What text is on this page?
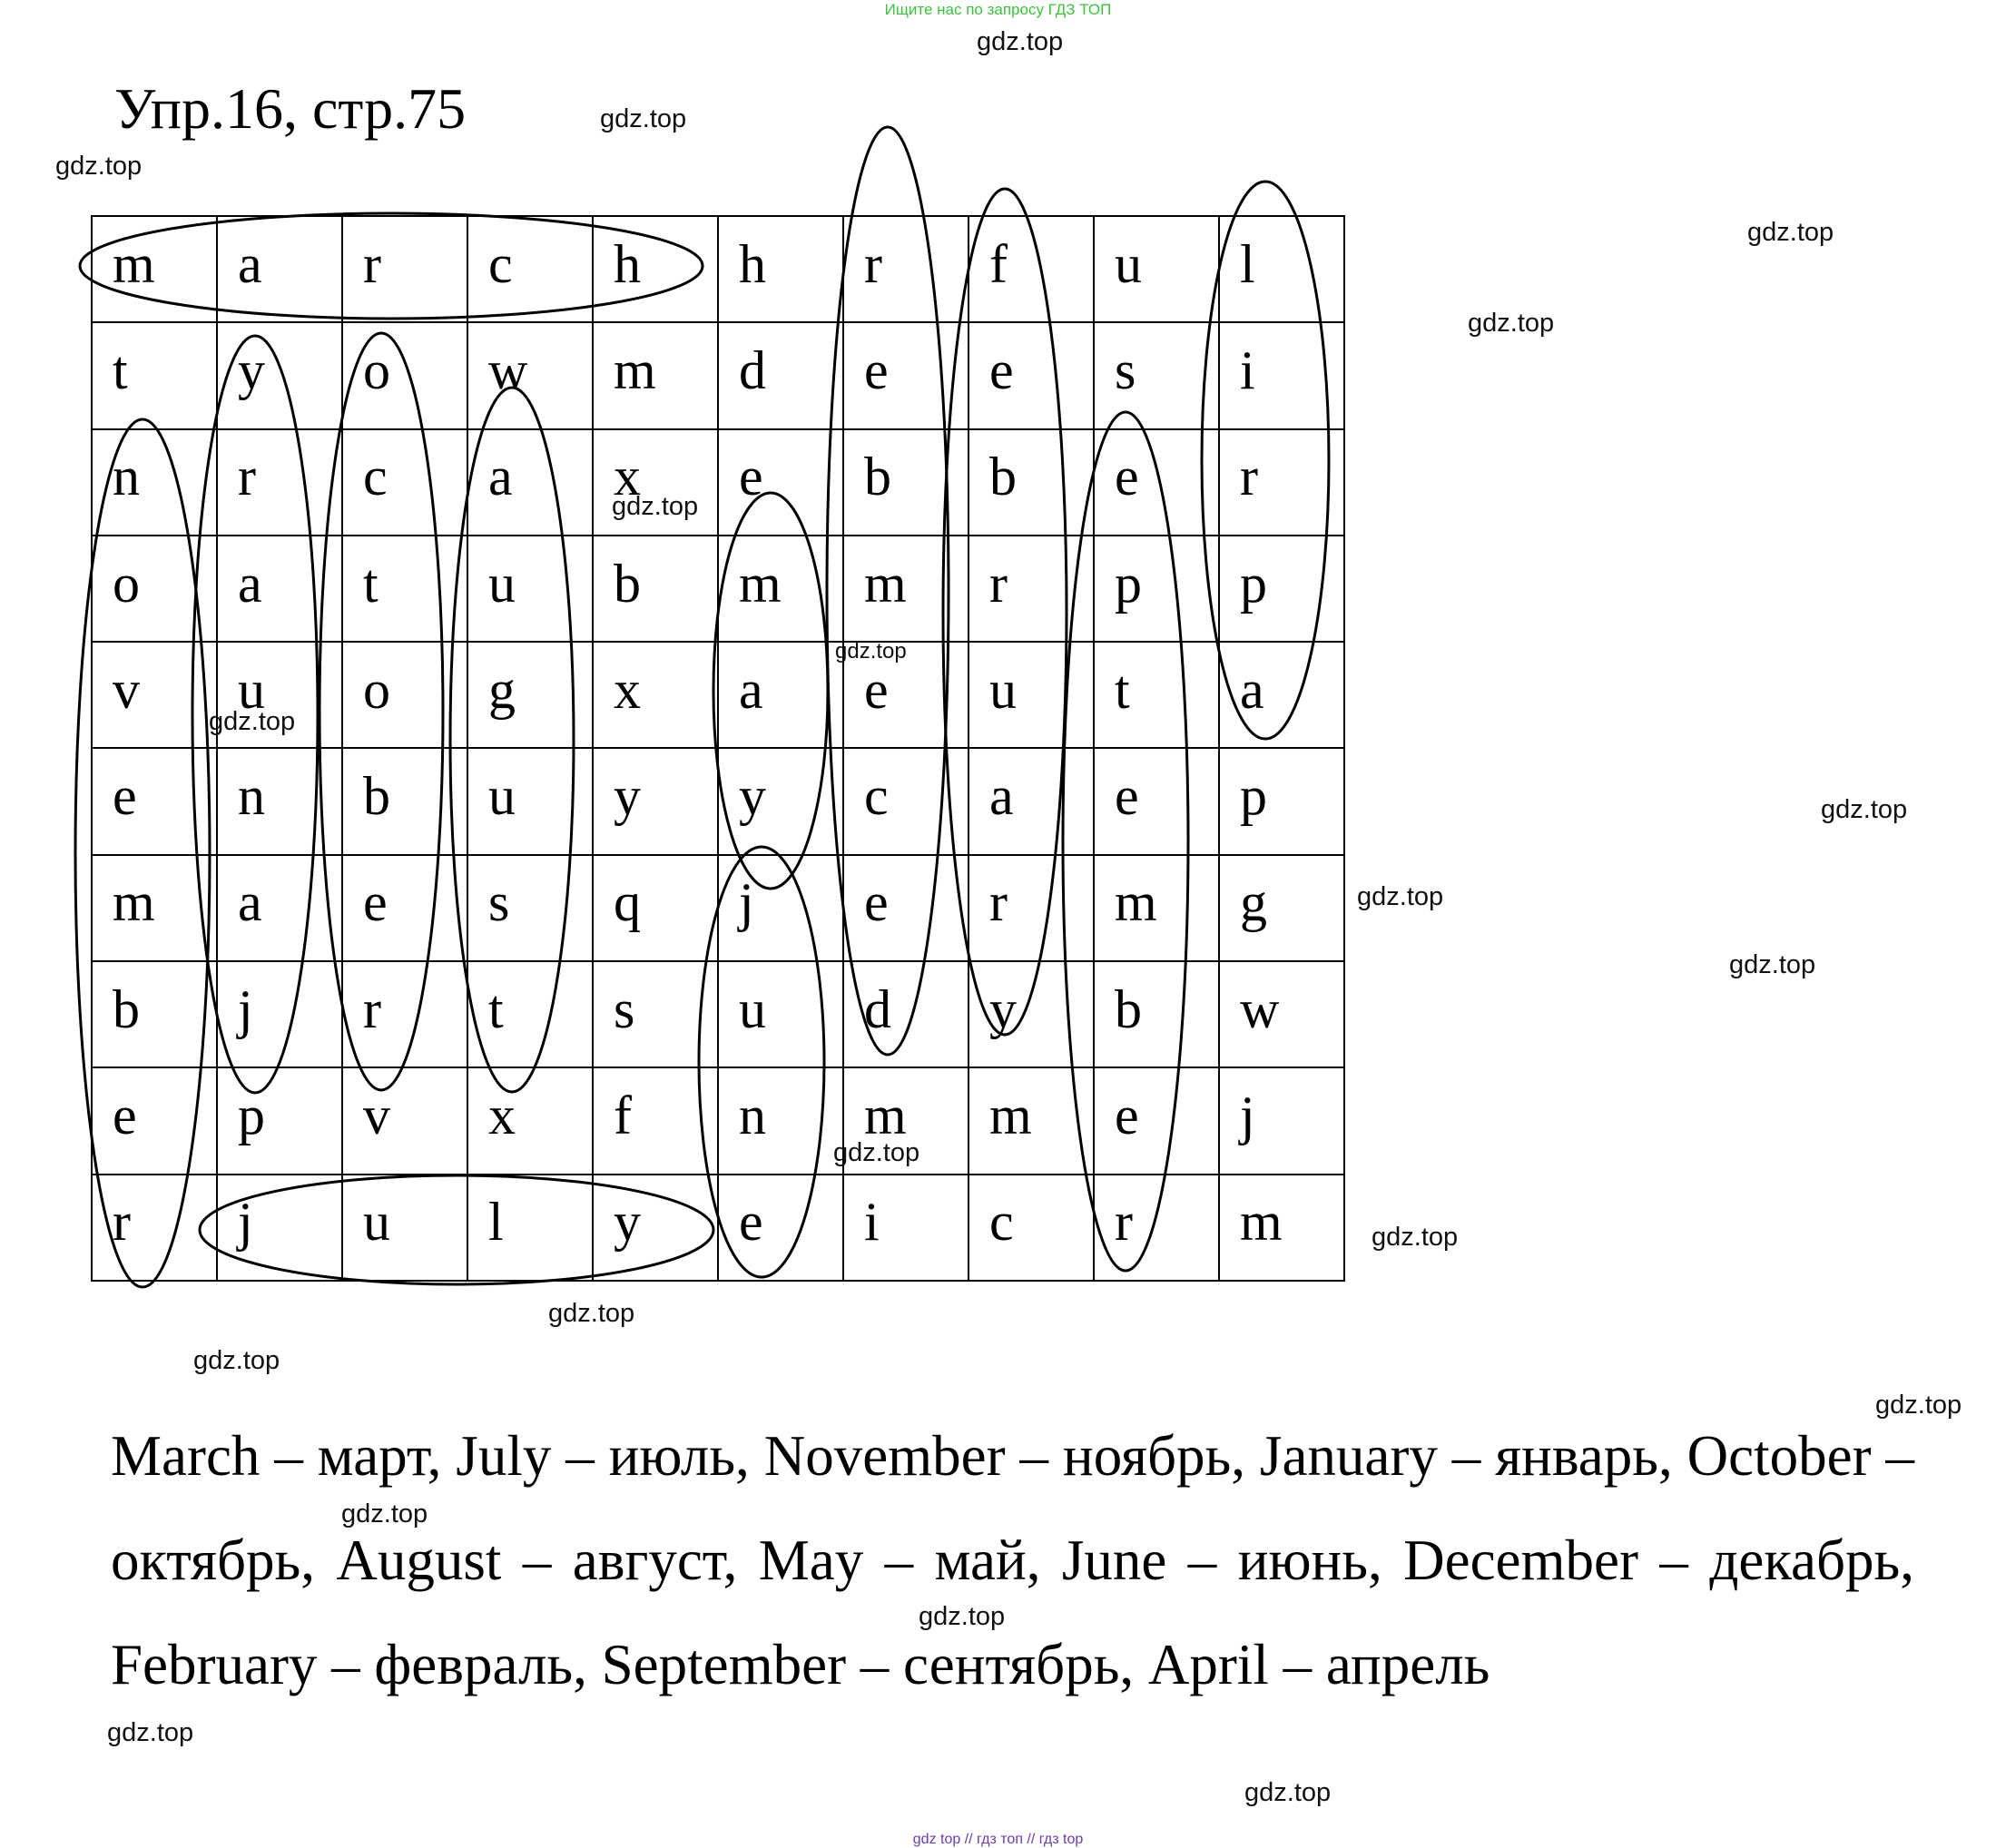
Ищите нас по запросу ГДЗ ТОП
Упр.16, стр.75
m	a	r	c	h	h	r	f	u	l
t	y	o	w	m	d	e	e	s	i
n	r	c	a	x	e	b	b	e	r
o	a	t	u	b	m	m	r	p	p
v	u	o	g	x	a	e	u	t	a
e	n	b	u	y	y	c	a	e	p
m	a	e	s	q	j	e	r	m	g
b	j	r	t	s	u	d	y	b	w
e	p	v	x	f	n	m	m	e	j
r	j	u	l	y	e	i	c	r	m

March – март, July – июль, November – ноябрь, January – январь, October – октябрь, August – август, May – май, June – июнь, December – декабрь, February – февраль, September – сентябрь, April – апрель

gdz.top
gdz.top
gdz.top
gdz.top
gdz.top
gdz.top
gdz.top
gdz.top
gdz.top
gdz.top
gdz.top
gdz.top
gdz.top
gdz.top
gdz.top
gdz.top
gdz.top
gdz.top
gdz.top
gdz.top
gdz top // гдз топ // гдз top
